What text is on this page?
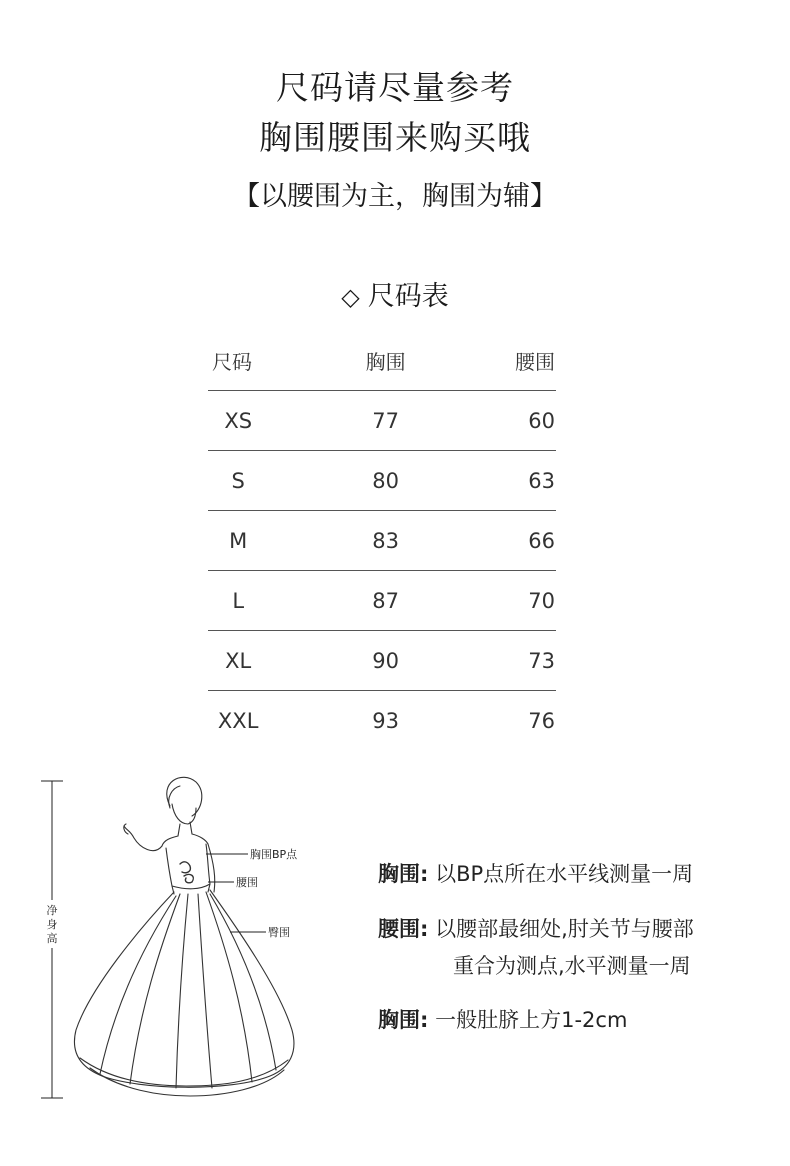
尺码请尽量参考
胸围腰围来购买哦
【以腰围为主，胸围为辅】
◇ 尺码表
尺码	胸围	腰围
XS	77	60
S	80	63
M	83	66
L	87	70
XL	90	73
XXL	93	76
净
身
高
净身高
胸围BP点
腰围
臀围
胸围: 以BP点所在水平线测量一周
腰围: 以腰部最细处,肘关节与腰部
重合为测点,水平测量一周
胸围: 一般肚脐上方1-2cm
